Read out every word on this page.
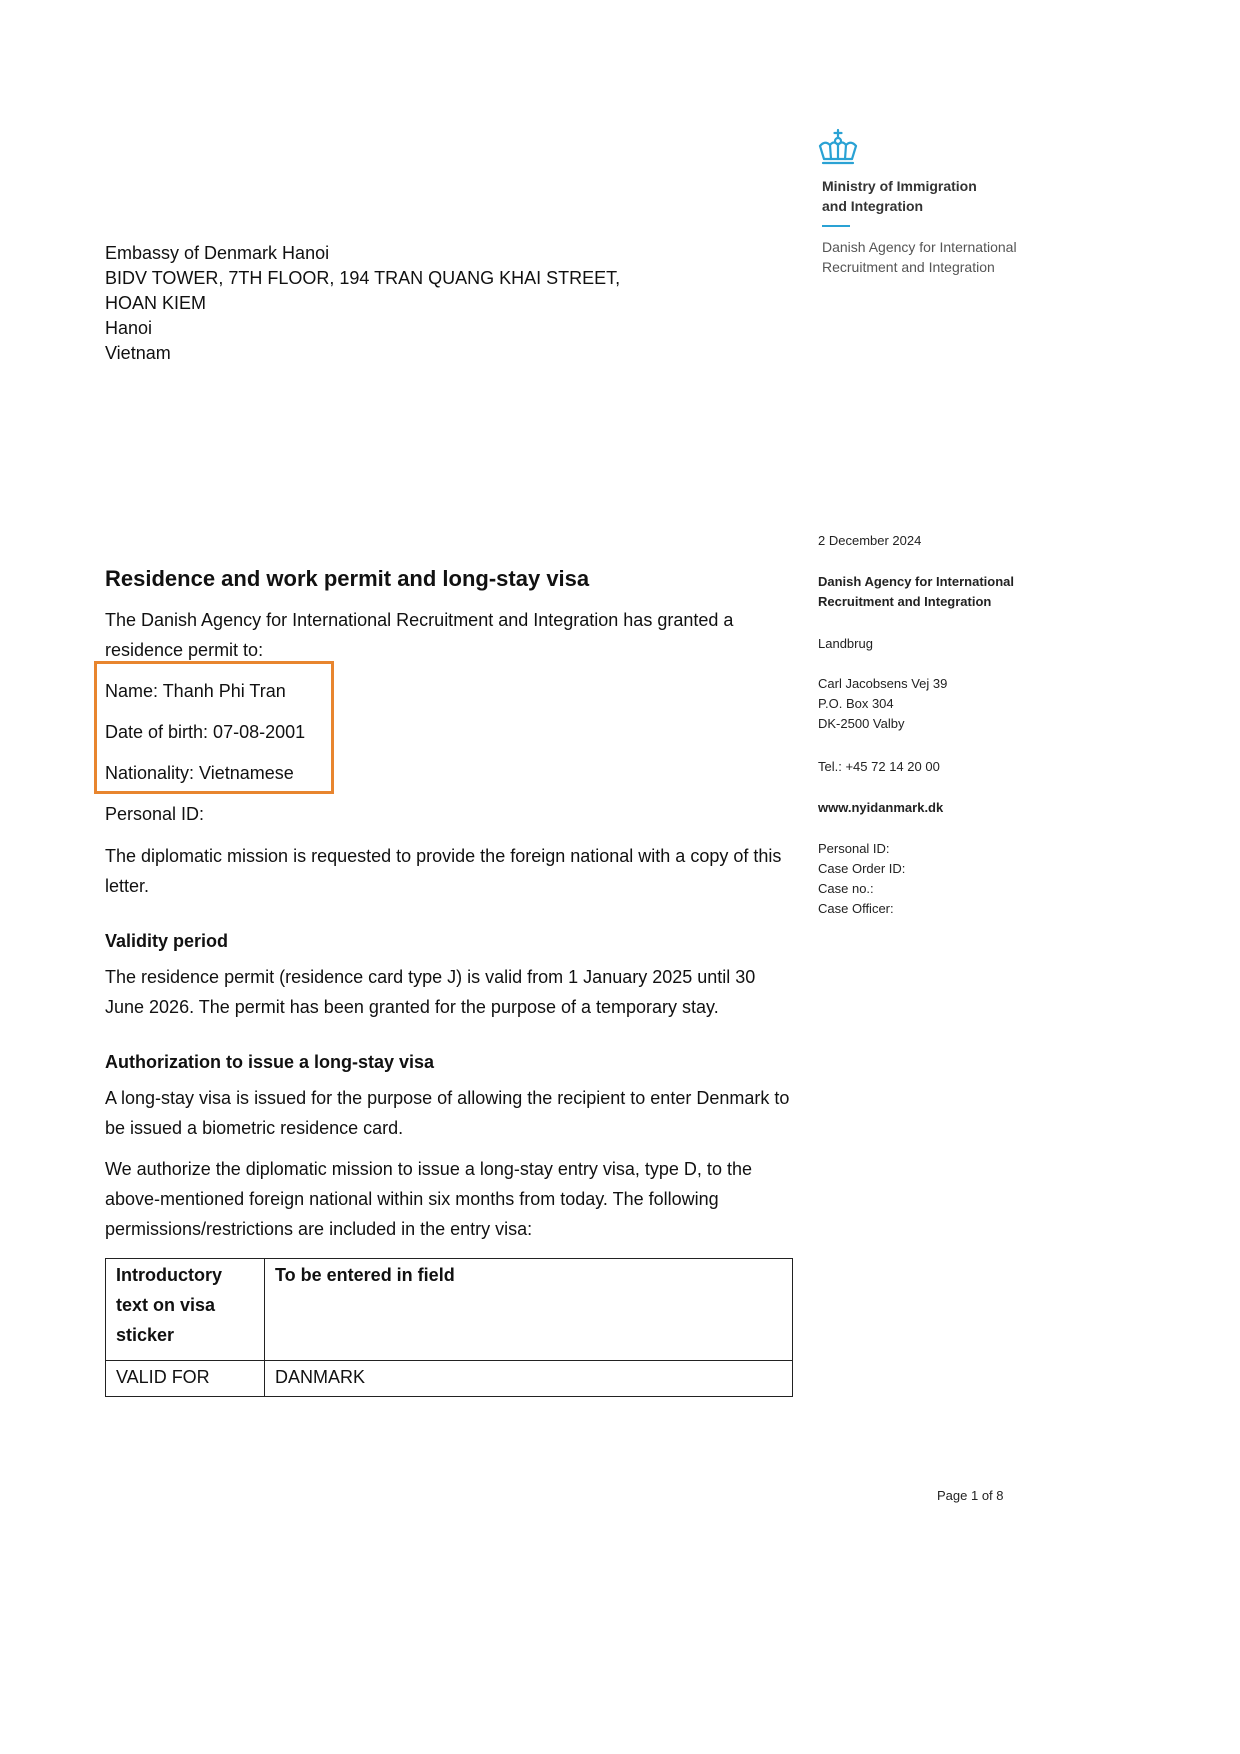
Ministry of Immigration
and Integration
Danish Agency for International
Recruitment and Integration
Embassy of Denmark Hanoi
BIDV TOWER, 7TH FLOOR, 194 TRAN QUANG KHAI STREET,
HOAN KIEM
Hanoi
Vietnam
2 December 2024
Danish Agency for International
Recruitment and Integration
Landbrug
Carl Jacobsens Vej 39
P.O. Box 304
DK-2500 Valby
Tel.: +45 72 14 20 00
www.nyidanmark.dk
Personal ID:
Case Order ID:
Case no.:
Case Officer:
Residence and work permit and long-stay visa
The Danish Agency for International Recruitment and Integration has granted a residence permit to:
Name: Thanh Phi Tran
Date of birth: 07-08-2001
Nationality: Vietnamese
Personal ID:
The diplomatic mission is requested to provide the foreign national with a copy of this letter.
Validity period
The residence permit (residence card type J) is valid from 1 January 2025 until 30 June 2026. The permit has been granted for the purpose of a temporary stay.
Authorization to issue a long-stay visa
A long-stay visa is issued for the purpose of allowing the recipient to enter Denmark to be issued a biometric residence card.
We authorize the diplomatic mission to issue a long-stay entry visa, type D, to the above-mentioned foreign national within six months from today. The following permissions/restrictions are included in the entry visa:
Introductory text on visa sticker	To be entered in field
VALID FOR	DANMARK
Page 1 of 8
